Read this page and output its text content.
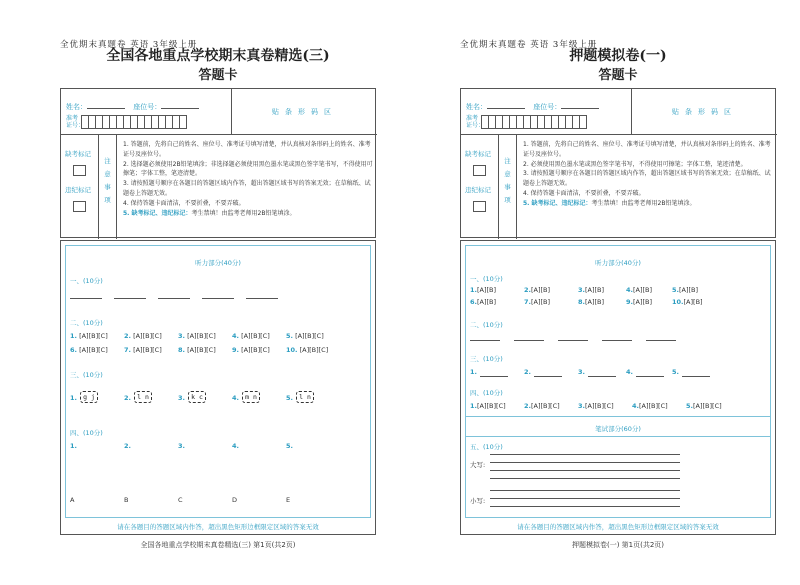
全优期末真题卷 英语 3年级上册
全国各地重点学校期末真卷精选(三)
答题卡
姓名：	座位号：
准考
证号：
贴条形码区
缺考标记
违纪标记
注
意
事
项
1. 答题前，先将自己的姓名、座位号、准考证号填写清楚，并认真核对条形码上的姓名、准考证号及座位号。
2. 选择题必须使用2B铅笔填涂；非选择题必须使用黑色墨水笔或黑色签字笔书写，不得使用可擦笔；字体工整，笔迹清楚。
3. 请按照题号顺序在各题目的答题区域内作答，超出答题区域书写的答案无效；在草稿纸、试题卷上答题无效。
4. 保持答题卡面清洁，不要折叠，不要弄破。
5. 缺考标记、违纪标记：考生禁填！由监考老师用2B铅笔填涂。
听力部分(40分)
一、(10分)
二、(10分)
1. [A][B][C]	2. [A][B][C]	3. [A][B][C]	4. [A][B][C]	5. [A][B][C]
6. [A][B][C]	7. [A][B][C]	8. [A][B][C]	9. [A][B][C]	10. [A][B][C]
三、(10分)
1. g j	2. l n	3. k c	4. m n	5. l n
四、(10分)
1.	2.	3.	4.	5.
A	B	C	D	E
请在各题目的答题区域内作答，超出黑色矩形边框限定区域的答案无效
全国各地重点学校期末真卷精选(三) 第1页(共2页)
全优期末真题卷 英语 3年级上册
押题模拟卷(一)
答题卡
姓名：	座位号：
准考
证号：
贴条形码区
缺考标记
违纪标记
注
意
事
项
1. 答题前，先将自己的姓名、座位号、准考证号填写清楚，并认真核对条形码上的姓名、准考证号及座位号。
2. 必须使用黑色墨水笔或黑色签字笔书写，不得使用可擦笔；字体工整，笔迹清楚。
3. 请按照题号顺序在各题目的答题区域内作答，超出答题区域书写的答案无效；在草稿纸、试题卷上答题无效。
4. 保持答题卡面清洁，不要折叠，不要弄破。
5. 缺考标记、违纪标记：考生禁填！由监考老师用2B铅笔填涂。
听力部分(40分)
一、(10分)
1.[A][B]	2.[A][B]	3.[A][B]	4.[A][B]	5.[A][B]
6.[A][B]	7.[A][B]	8.[A][B]	9.[A][B]	10.[A][B]
二、(10分)
三、(10分)
1.	2.	3.	4.	5.
四、(10分)
1.[A][B][C]	2.[A][B][C]	3.[A][B][C]	4.[A][B][C]	5.[A][B][C]
笔试部分(60分)
五、(10分)
大写:
小写:
请在各题目的答题区域内作答，超出黑色矩形边框限定区域的答案无效
押题模拟卷(一) 第1页(共2页)
